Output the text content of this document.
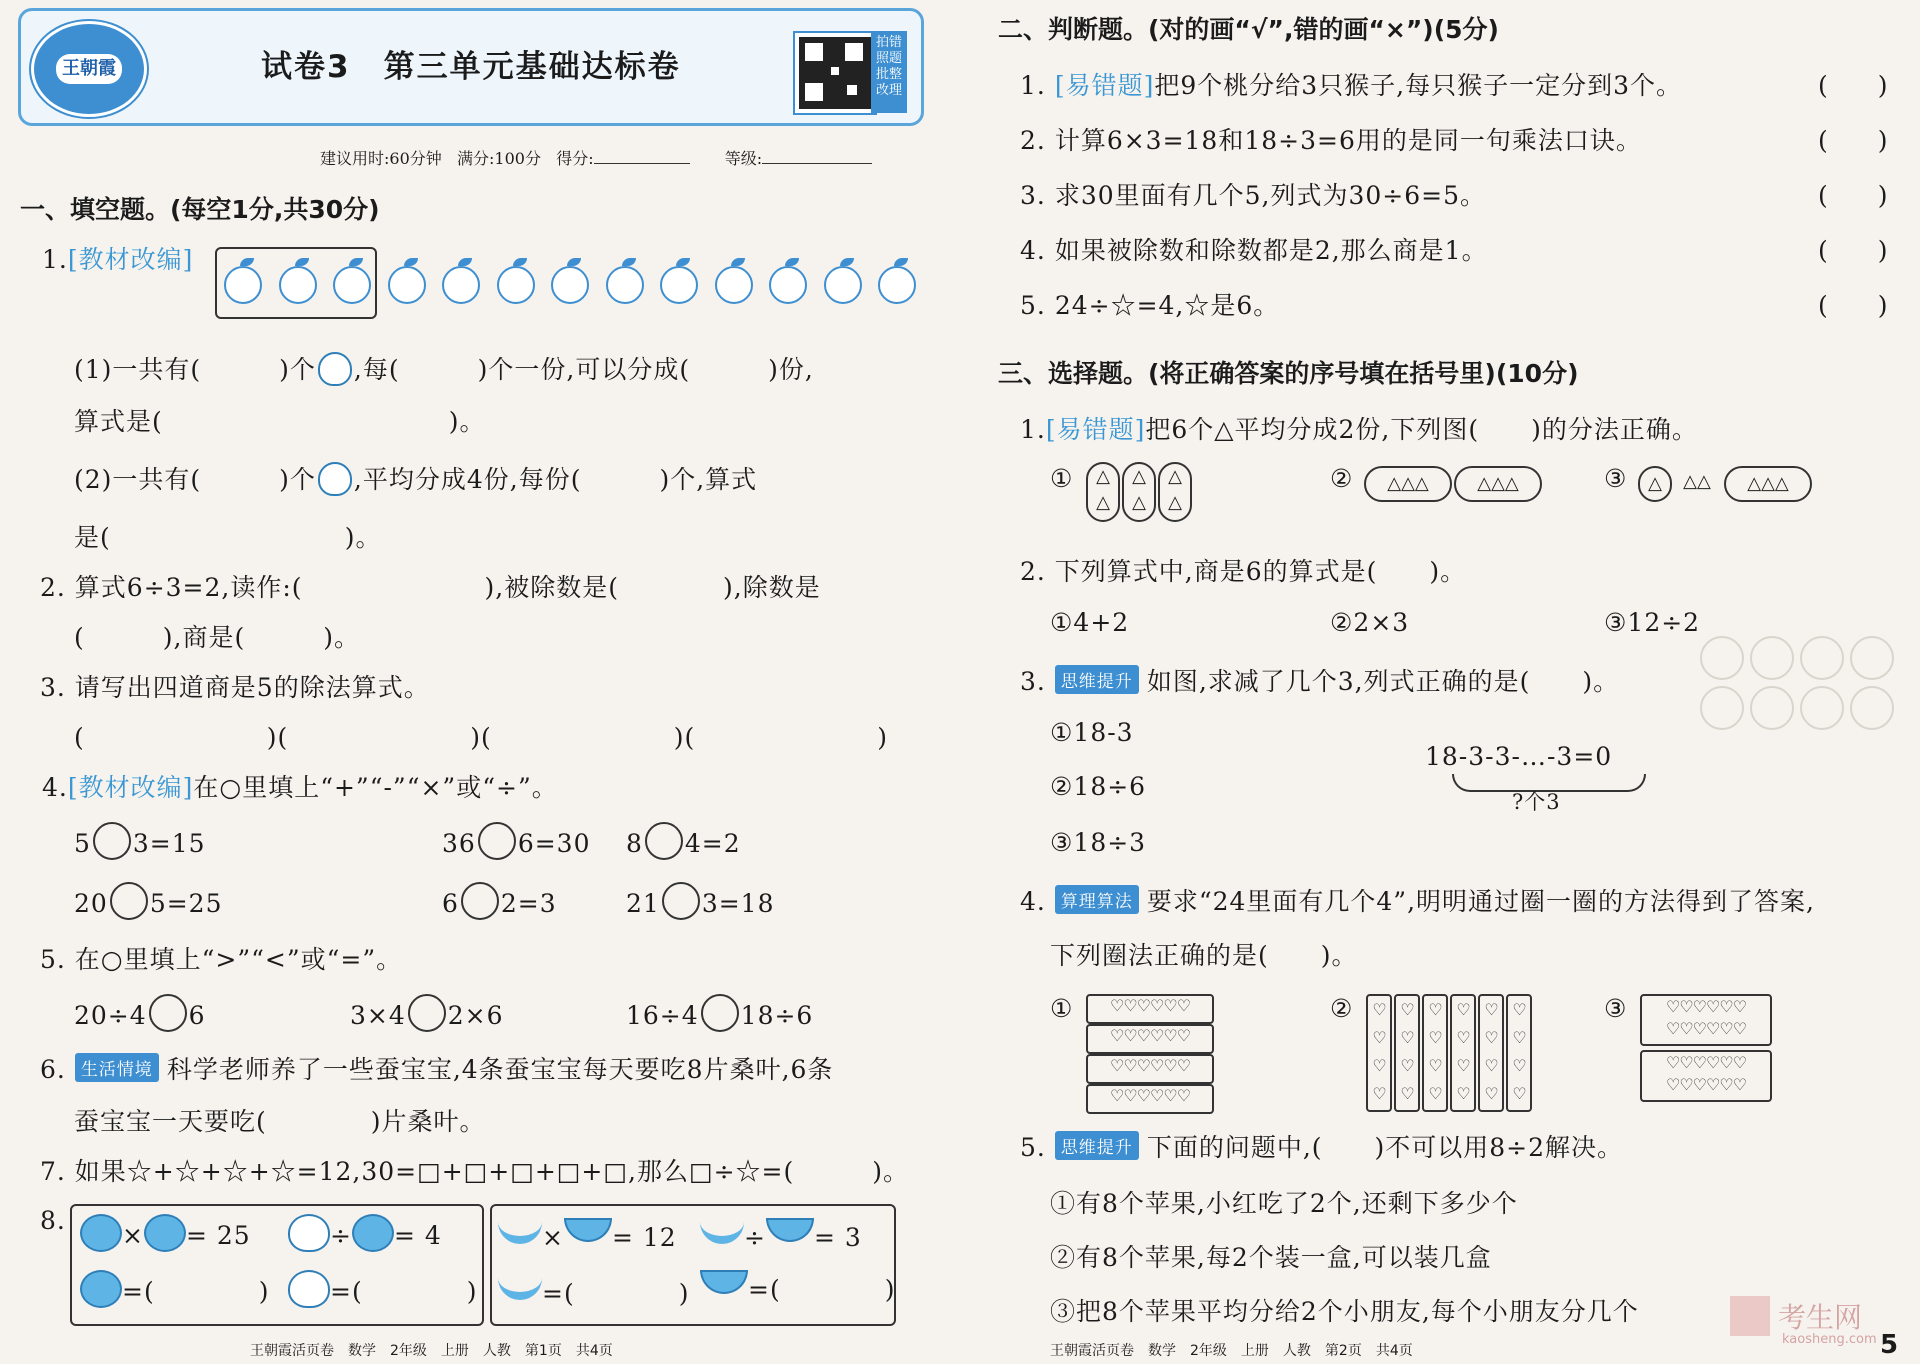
王朝霞	试卷3　第三单元基础达标卷
拍错照题批整改理
建议用时:60分钟 满分:100分 得分:	等级:
一、填空题。(每空1分,共30分)
1.[教材改编]
(1)一共有(　　　)个 ,每(　　　)个一份,可以分成(　　　)份,
算式是(　　　　　　　　　　　)。
(2)一共有(　　　)个 ,平均分成4份,每份(　　　)个,算式
是(　　　　　　　　　)。
2. 算式6÷3=2,读作:(　　　　　　　),被除数是(　　　　),除数是
(　　　),商是(　　　)。
3. 请写出四道商是5的除法算式。
(　　　　　　　)(　　　　　　　)(　　　　　　　)(　　　　　　　)
4.[教材改编]在○里填上“+”“-”“×”或“÷”。
5 3=15	36 6=30 8 4=2
20 5=25	6 2=3	21 3=18
5. 在○里填上“>”“<”或“=”。
20÷4 6	3×4 2×6	16÷4 18÷6
6. 生活情境 科学老师养了一些蚕宝宝,4条蚕宝宝每天要吃8片桑叶,6条
蚕宝宝一天要吃(　　　　)片桑叶。
7. 如果☆+☆+☆+☆=12,30=□+□+□+□+□,那么□÷☆=(　　　)。
8.
× = 25	÷ = 4
=(　　　　)	=(　　　　)
× = 12	÷ = 3
=(　　　　)	=(　　　　)
王朝霞活页卷　数学　2年级　上册　人教　第1页　共4页
二、判断题。(对的画“√”,错的画“×”)(5分)
1. [易错题]把9个桃分给3只猴子,每只猴子一定分到3个。	(　　)
2. 计算6×3=18和18÷3=6用的是同一句乘法口诀。	(　　)
3. 求30里面有几个5,列式为30÷6=5。	(　　)
4. 如果被除数和除数都是2,那么商是1。	(　　)
5. 24÷☆=4,☆是6。	(　　)
三、选择题。(将正确答案的序号填在括号里)(10分)
1.[易错题]把6个△平均分成2份,下列图(　　)的分法正确。
①	△
△
△
△
△
△
②	△△△	△△△	③	△	△△	△△△
2. 下列算式中,商是6的算式是(　　)。
①4+2	②2×3	③12÷2
3. 思维提升 如图,求减了几个3,列式正确的是(　　)。
①18-3
②18÷6
③18÷3
18-3-3-…-3=0
?个3
4. 算理算法 要求“24里面有几个4”,明明通过圈一圈的方法得到了答案,
下列圈法正确的是(　　)。
①	♡♡♡♡♡♡
♡♡♡♡♡♡
♡♡♡♡♡♡
♡♡♡♡♡♡
②	♡
♡
♡
♡
♡
♡
♡
♡
♡
♡
♡
♡
♡
♡
♡
♡
♡
♡
♡
♡
♡
♡
♡
♡
③	♡♡♡♡♡♡
♡♡♡♡♡♡
♡♡♡♡♡♡
♡♡♡♡♡♡
5. 思维提升 下面的问题中,(　　)不可以用8÷2解决。
①有8个苹果,小红吃了2个,还剩下多少个
②有8个苹果,每2个装一盒,可以装几盒
③把8个苹果平均分给2个小朋友,每个小朋友分几个
王朝霞活页卷　数学　2年级　上册　人教　第2页　共4页	5
考生网
kaosheng.com
